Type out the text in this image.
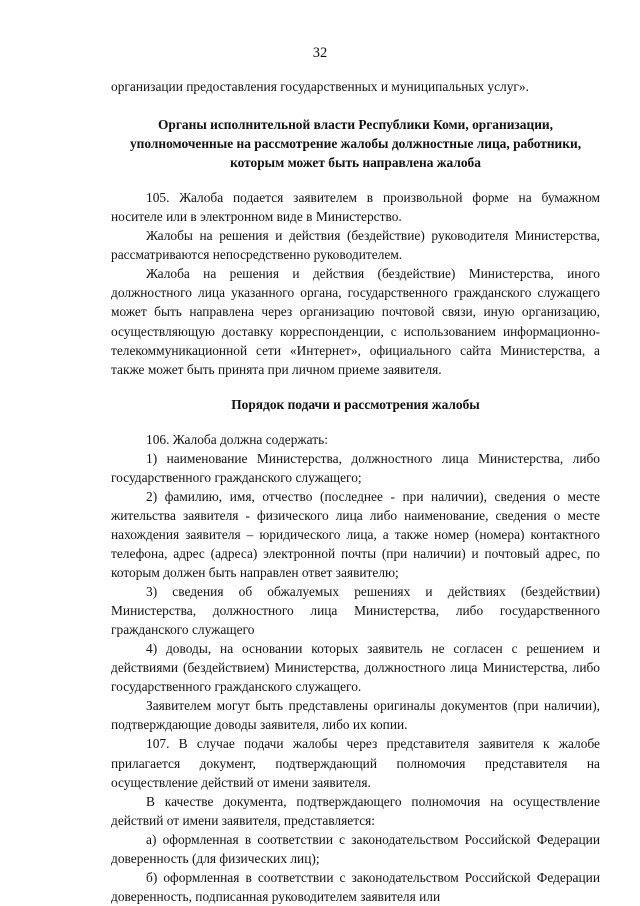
32

организации предоставления государственных и муниципальных услуг».

Органы исполнительной власти Республики Коми, организации, уполномоченные на рассмотрение жалобы должностные лица, работники, которым может быть направлена жалоба

105. Жалоба подается заявителем в произвольной форме на бумажном носителе или в электронном виде в Министерство.

Жалобы на решения и действия (бездействие) руководителя Министерства, рассматриваются непосредственно руководителем.

Жалоба на решения и действия (бездействие) Министерства, иного должностного лица указанного органа, государственного гражданского служащего может быть направлена через организацию почтовой связи, иную организацию, осуществляющую доставку корреспонденции, с использованием информационно-телекоммуникационной сети «Интернет», официального сайта Министерства, а также может быть принята при личном приеме заявителя.

Порядок подачи и рассмотрения жалобы

106. Жалоба должна содержать:

1) наименование Министерства, должностного лица Министерства, либо государственного гражданского служащего;

2) фамилию, имя, отчество (последнее - при наличии), сведения о месте жительства заявителя - физического лица либо наименование, сведения о месте нахождения заявителя – юридического лица, а также номер (номера) контактного телефона, адрес (адреса) электронной почты (при наличии) и почтовый адрес, по которым должен быть направлен ответ заявителю;

3) сведения об обжалуемых решениях и действиях (бездействии) Министерства, должностного лица Министерства, либо государственного гражданского служащего

4) доводы, на основании которых заявитель не согласен с решением и действиями (бездействием) Министерства, должностного лица Министерства, либо государственного гражданского служащего.

Заявителем могут быть представлены оригиналы документов (при наличии), подтверждающие доводы заявителя, либо их копии.

107. В случае подачи жалобы через представителя заявителя к жалобе прилагается документ, подтверждающий полномочия представителя на осуществление действий от имени заявителя.

В качестве документа, подтверждающего полномочия на осуществление действий от имени заявителя, представляется:

а) оформленная в соответствии с законодательством Российской Федерации доверенность (для физических лиц);

б) оформленная в соответствии с законодательством Российской Федерации доверенность, подписанная руководителем заявителя или
